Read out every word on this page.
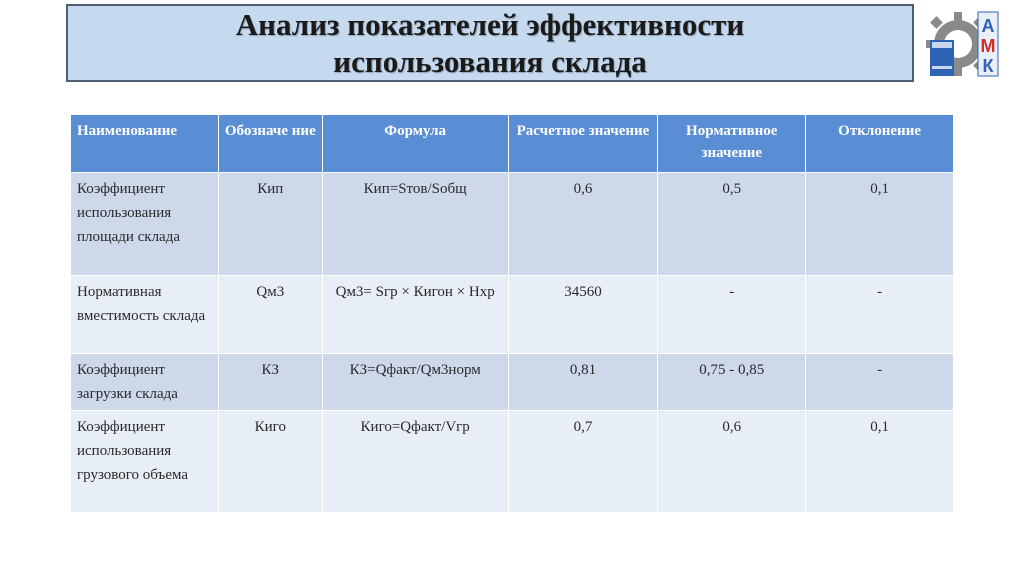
Анализ показателей эффективности
использования склада
А
М
К
Наименование	Обозначе ние	Формула	Расчетное значение	Нормативное значение	Отклонение
Коэффициент использования площади склада	Кип	Кип=Sтов/Sобщ	0,6	0,5	0,1
Нормативная вместимость склада	Qм3	Qм3= Sгр × Кигон × Нхр	34560	-	-
Коэффициент загрузки склада	КЗ	КЗ=Qфакт/Qм3норм	0,81	0,75 - 0,85	-
Коэффициент использования грузового объема	Киго	Киго=Qфакт/Vгр	0,7	0,6	0,1
